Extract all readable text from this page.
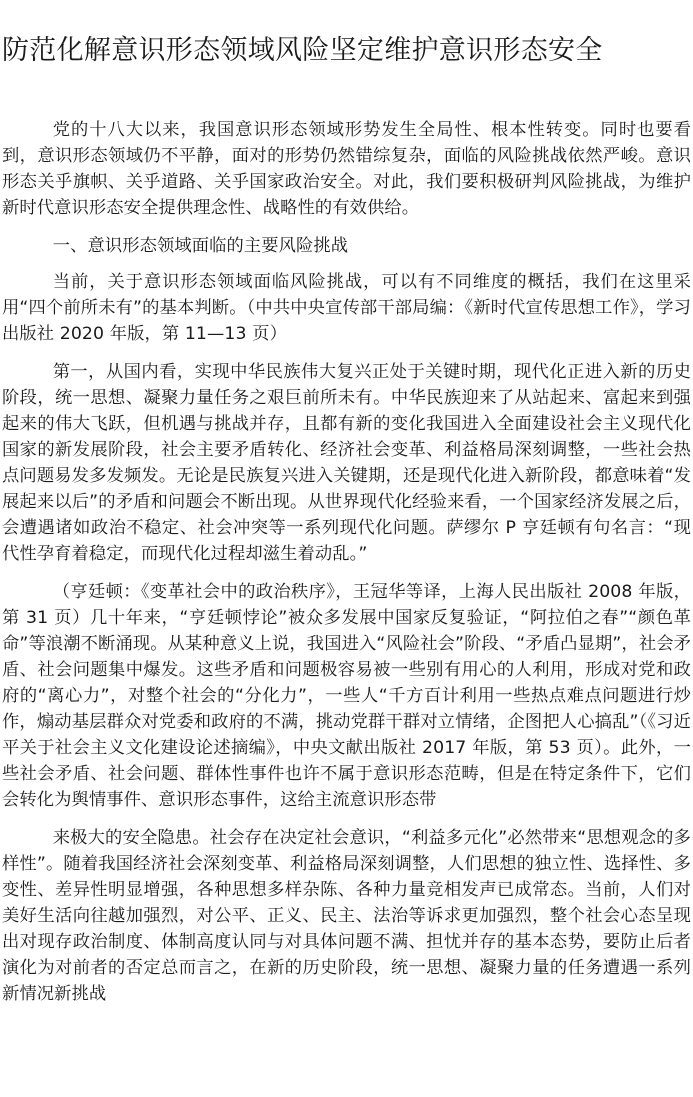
防范化解意识形态领域风险坚定维护意识形态安全

党的十八大以来，我国意识形态领域形势发生全局性、根本性转变。同时也要看到，意识形态领域仍不平静，面对的形势仍然错综复杂，面临的风险挑战依然严峻。意识形态关乎旗帜、关乎道路、关乎国家政治安全。对此，我们要积极研判风险挑战，为维护新时代意识形态安全提供理念性、战略性的有效供给。

一、意识形态领域面临的主要风险挑战

当前，关于意识形态领域面临风险挑战，可以有不同维度的概括，我们在这里采用“四个前所未有”的基本判断。（中共中央宣传部干部局编：《新时代宣传思想工作》，学习出版社 2020 年版，第 11—13 页）

第一，从国内看，实现中华民族伟大复兴正处于关键时期，现代化正进入新的历史阶段，统一思想、凝聚力量任务之艰巨前所未有。中华民族迎来了从站起来、富起来到强起来的伟大飞跃，但机遇与挑战并存，且都有新的变化我国进入全面建设社会主义现代化国家的新发展阶段，社会主要矛盾转化、经济社会变革、利益格局深刻调整，一些社会热点问题易发多发频发。无论是民族复兴进入关键期，还是现代化进入新阶段，都意味着“发展起来以后”的矛盾和问题会不断出现。从世界现代化经验来看，一个国家经济发展之后，会遭遇诸如政治不稳定、社会冲突等一系列现代化问题。萨缪尔 P 亨廷顿有句名言：“现代性孕育着稳定，而现代化过程却滋生着动乱。”

（亨廷顿：《变革社会中的政治秩序》，王冠华等译，上海人民出版社 2008 年版，第 31 页）几十年来，“亨廷顿悖论”被众多发展中国家反复验证，“阿拉伯之春”“颜色革命”等浪潮不断涌现。从某种意义上说，我国进入“风险社会”阶段、“矛盾凸显期”，社会矛盾、社会问题集中爆发。这些矛盾和问题极容易被一些别有用心的人利用，形成对党和政府的“离心力”，对整个社会的“分化力”，一些人“千方百计利用一些热点难点问题进行炒作，煽动基层群众对党委和政府的不满，挑动党群干群对立情绪，企图把人心搞乱”（《习近平关于社会主义文化建设论述摘编》，中央文献出版社 2017 年版，第 53 页）。此外，一些社会矛盾、社会问题、群体性事件也许不属于意识形态范畴，但是在特定条件下，它们会转化为舆情事件、意识形态事件，这给主流意识形态带

来极大的安全隐患。社会存在决定社会意识，“利益多元化”必然带来“思想观念的多样性”。随着我国经济社会深刻变革、利益格局深刻调整，人们思想的独立性、选择性、多变性、差异性明显增强，各种思想多样杂陈、各种力量竞相发声已成常态。当前，人们对美好生活向往越加强烈，对公平、正义、民主、法治等诉求更加强烈，整个社会心态呈现出对现存政治制度、体制高度认同与对具体问题不满、担忧并存的基本态势，要防止后者演化为对前者的否定总而言之，在新的历史阶段，统一思想、凝聚力量的任务遭遇一系列新情况新挑战
